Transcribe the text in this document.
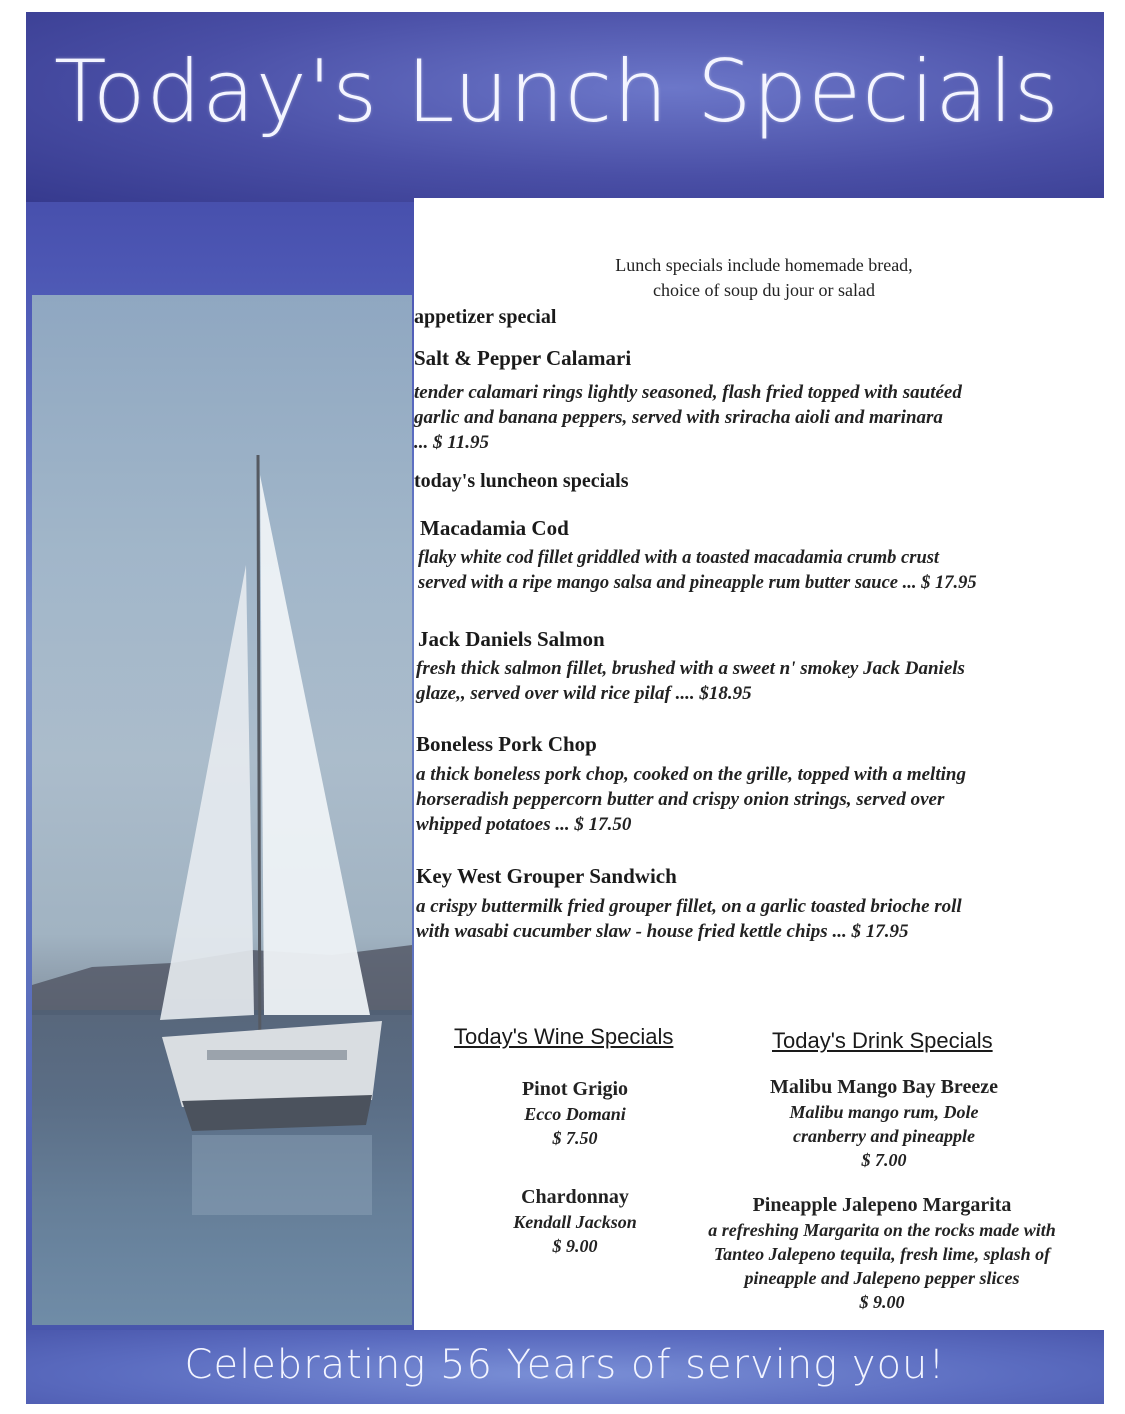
Today's Lunch Specials
Lunch specials include homemade bread,
choice of soup du jour or salad
appetizer special
Salt & Pepper Calamari
tender calamari rings lightly seasoned, flash fried topped with sautéed
garlic and banana peppers, served with sriracha aioli and marinara
... $ 11.95
today's luncheon specials
Macadamia Cod
flaky white cod fillet griddled with a toasted macadamia crumb crust
served with a ripe mango salsa and pineapple rum butter sauce ... $ 17.95
Jack Daniels Salmon
fresh thick salmon fillet, brushed with a sweet n' smokey Jack Daniels
glaze,, served over wild rice pilaf .... $18.95
Boneless Pork Chop
a thick boneless pork chop, cooked on the grille, topped with a melting
horseradish peppercorn butter and crispy onion strings, served over
whipped potatoes ... $ 17.50
Key West Grouper Sandwich
a crispy buttermilk fried grouper fillet, on a garlic toasted brioche roll
with wasabi cucumber slaw - house fried kettle chips ... $ 17.95
Today's Wine Specials
Pinot Grigio
Ecco Domani
$ 7.50
Chardonnay
Kendall Jackson
$ 9.00
Today's Drink Specials
Malibu Mango Bay Breeze
Malibu mango rum, Dole
cranberry and pineapple
$ 7.00
Pineapple Jalepeno Margarita
a refreshing Margarita on the rocks made with
Tanteo Jalepeno tequila, fresh lime, splash of
pineapple and Jalepeno pepper slices
$ 9.00
Celebrating 56 Years of serving you!
